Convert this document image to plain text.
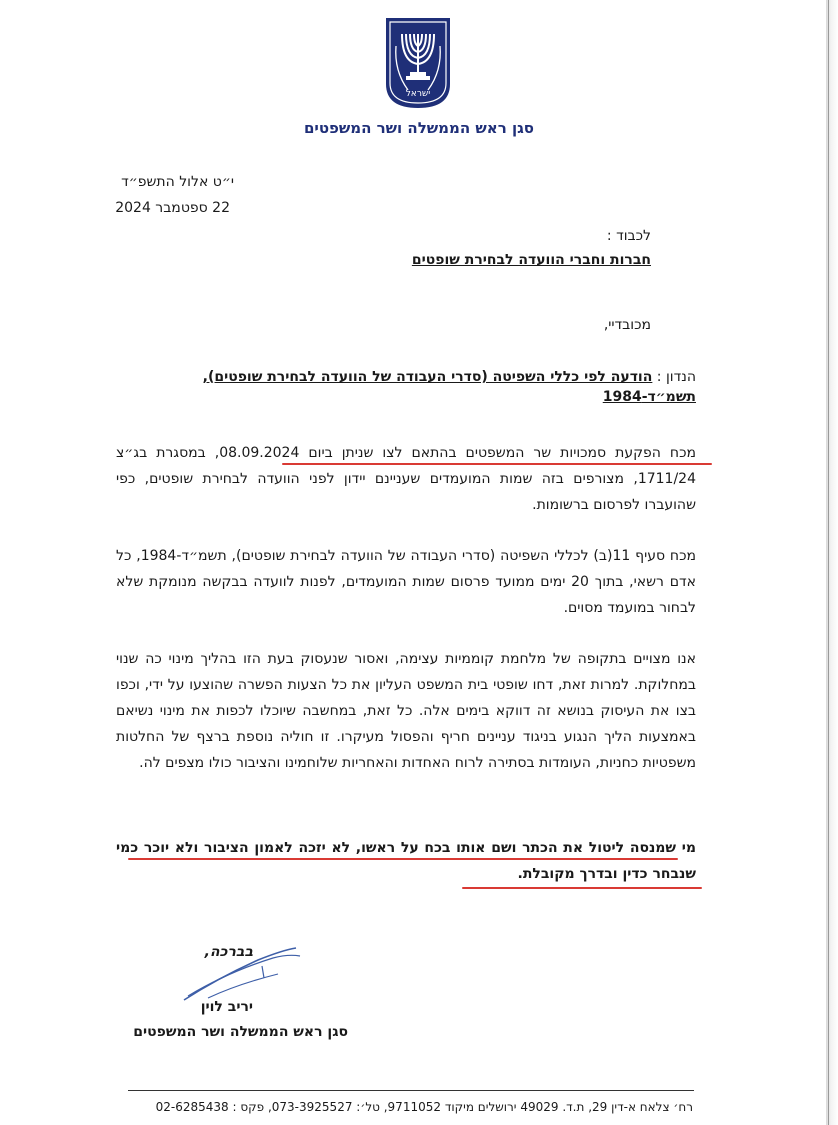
ישראל
סגן ראש הממשלה ושר המשפטים
י״ט אלול התשפ״ד
22 ספטמבר 2024
לכבוד :
חברות וחברי הוועדה לבחירת שופטים
מכובדיי,
הנדון : הודעה לפי כללי השפיטה (סדרי העבודה של הוועדה לבחירת שופטים), תשמ״ד-1984
מכח הפקעת סמכויות שר המשפטים בהתאם לצו שניתן ביום 08.09.2024, במסגרת בג״צ 1711/24, מצורפים בזה שמות המועמדים שעניינם יידון לפני הוועדה לבחירת שופטים, כפי שהועברו לפרסום ברשומות.
מכח סעיף 11(ב) לכללי השפיטה (סדרי העבודה של הוועדה לבחירת שופטים), תשמ״ד-1984, כל אדם רשאי, בתוך 20 ימים ממועד פרסום שמות המועמדים, לפנות לוועדה בבקשה מנומקת שלא לבחור במועמד מסוים.
אנו מצויים בתקופה של מלחמת קוממיות עצימה, ואסור שנעסוק בעת הזו בהליך מינוי כה שנוי במחלוקת. למרות זאת, דחו שופטי בית המשפט העליון את כל הצעות הפשרה שהוצעו על ידי, וכפו בצו את העיסוק בנושא זה דווקא בימים אלה. כל זאת, במחשבה שיוכלו לכפות את מינוי נשיאם באמצעות הליך הנגוע בניגוד עניינים חריף והפסול מעיקרו. זו חוליה נוספת ברצף של החלטות משפטיות כחניות, העומדות בסתירה לרוח האחדות והאחריות שלוחמינו והציבור כולו מצפים לה.
מי שמנסה ליטול את הכתר ושם אותו בכח על ראשו, לא יזכה לאמון הציבור ולא יוכר כמי שנבחר כדין ובדרך מקובלת.
בברכה,
יריב לוין
סגן ראש הממשלה ושר המשפטים
רח׳ צלאח א-דין 29, ת.ד. 49029 ירושלים מיקוד 9711052, טל׳: 073-3925527, פקס : 02-6285438
